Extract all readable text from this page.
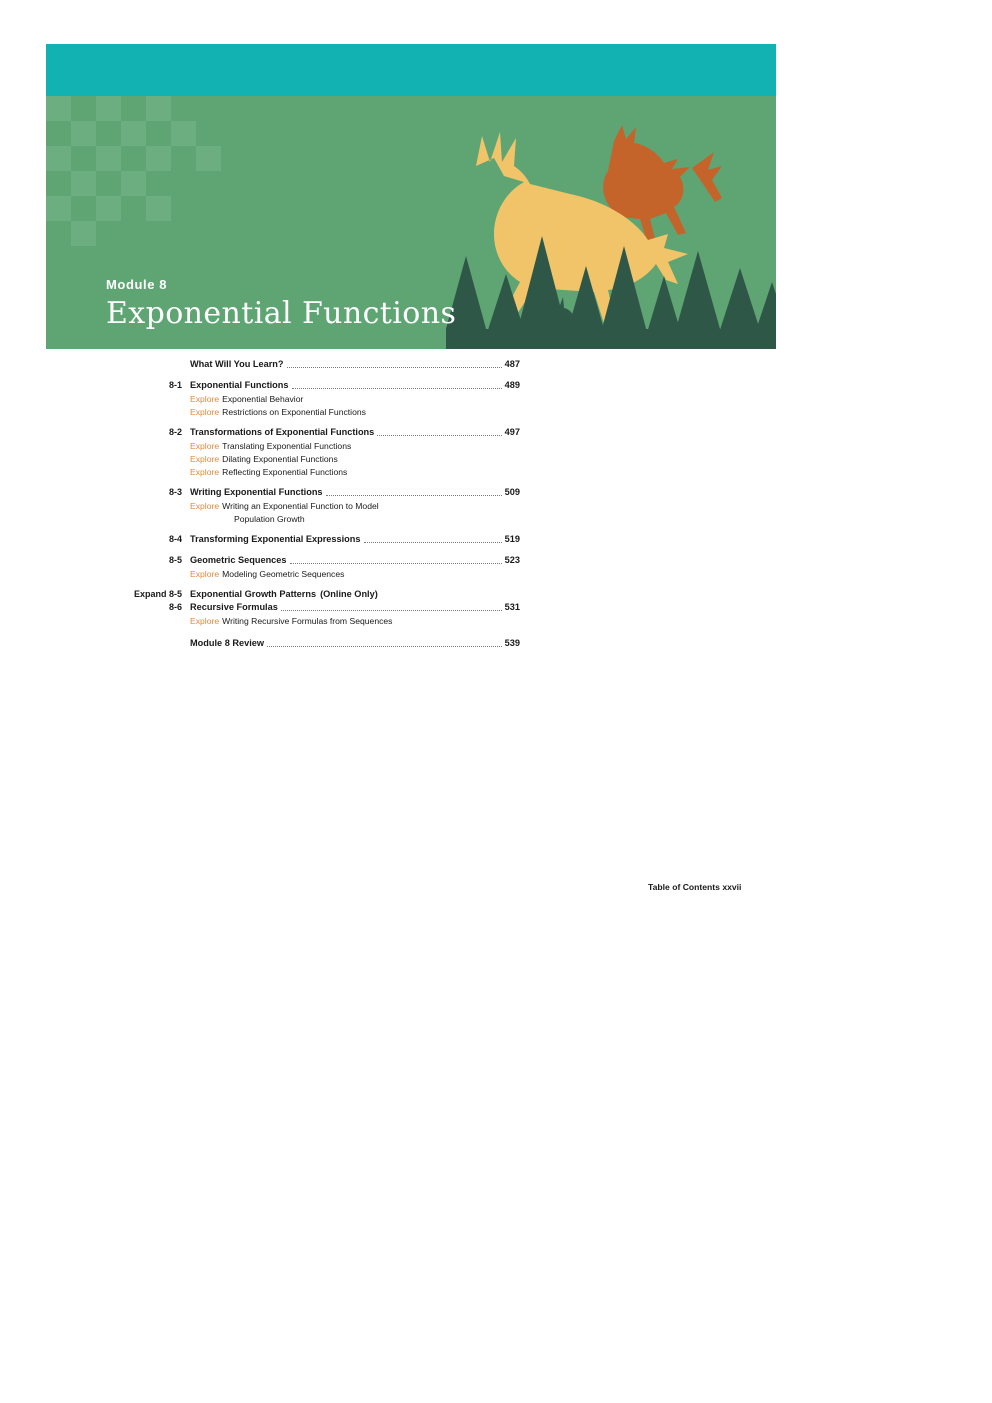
Module 8
Exponential Functions
What Will You Learn?	487
8-1 Exponential Functions	489
Explore Exponential Behavior
Explore Restrictions on Exponential Functions
8-2 Transformations of Exponential Functions	497
Explore Translating Exponential Functions
Explore Dilating Exponential Functions
Explore Reflecting Exponential Functions
8-3 Writing Exponential Functions	509
Explore Writing an Exponential Function to Model
Population Growth
8-4 Transforming Exponential Expressions	519
8-5 Geometric Sequences	523
Explore Modeling Geometric Sequences
Expand 8-5 Exponential Growth Patterns (Online Only)
8-6 Recursive Formulas	531
Explore Writing Recursive Formulas from Sequences
Module 8 Review	539
Table of Contents xxvii
